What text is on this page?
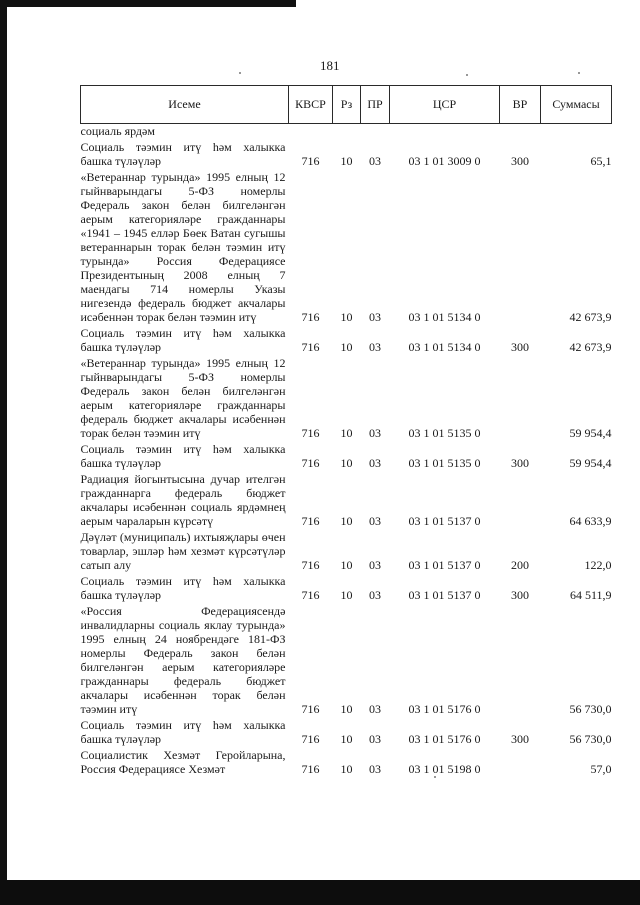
181
Исеме	КВСР	Рз	ПР	ЦСР	ВР	Суммасы
социаль ярдәм						

Социаль тәэмин итү һәм халыкка башка түләүләр	716	10	03	03 1 01 3009 0	300	65,1

«Ветераннар турында» 1995 елның 12 гыйнварындагы 5-ФЗ номерлы Федераль закон белән билгеләнгән аерым категорияләре гражданнары «1941 – 1945 елләр Бөек Ватан сугышы ветераннарын торак белән тәэмин итү турында» Россия Федерациясе Президентының 2008 елның 7 маендагы 714 номерлы Указы нигезендә федераль бюджет акчалары исәбеннән торак белән тәэмин итү	716	10	03	03 1 01 5134 0		42 673,9

Социаль тәэмин итү һәм халыкка башка түләүләр	716	10	03	03 1 01 5134 0	300	42 673,9

«Ветераннар турында» 1995 елның 12 гыйнварындагы 5-ФЗ номерлы Федераль закон белән билгеләнгән аерым категорияләре гражданнары федераль бюджет акчалары исәбеннән торак белән тәэмин итү	716	10	03	03 1 01 5135 0		59 954,4

Социаль тәэмин итү һәм халыкка башка түләүләр	716	10	03	03 1 01 5135 0	300	59 954,4

Радиация йогынтысына дучар ителгән гражданнарга федераль бюджет акчалары исәбеннән социаль ярдәмнең аерым чараларын күрсәтү	716	10	03	03 1 01 5137 0		64 633,9

Дәүләт (муниципаль) ихтыяҗлары өчен товарлар, эшләр һәм хезмәт күрсәтүләр сатып алу	716	10	03	03 1 01 5137 0	200	122,0

Социаль тәэмин итү һәм халыкка башка түләүләр	716	10	03	03 1 01 5137 0	300	64 511,9

«Россия Федерациясендә инвалидларны социаль яклау турында» 1995 елның 24 ноябрендәге 181-ФЗ номерлы Федераль закон белән билгеләнгән аерым категорияләре гражданнары федераль бюджет акчалары исәбеннән торак белән тәэмин итү	716	10	03	03 1 01 5176 0		56 730,0

Социаль тәэмин итү һәм халыкка башка түләүләр	716	10	03	03 1 01 5176 0	300	56 730,0

Социалистик Хезмәт Геройларына, Россия Федерациясе Хезмәт	716	10	03	03 1 01 5198 0		57,0
